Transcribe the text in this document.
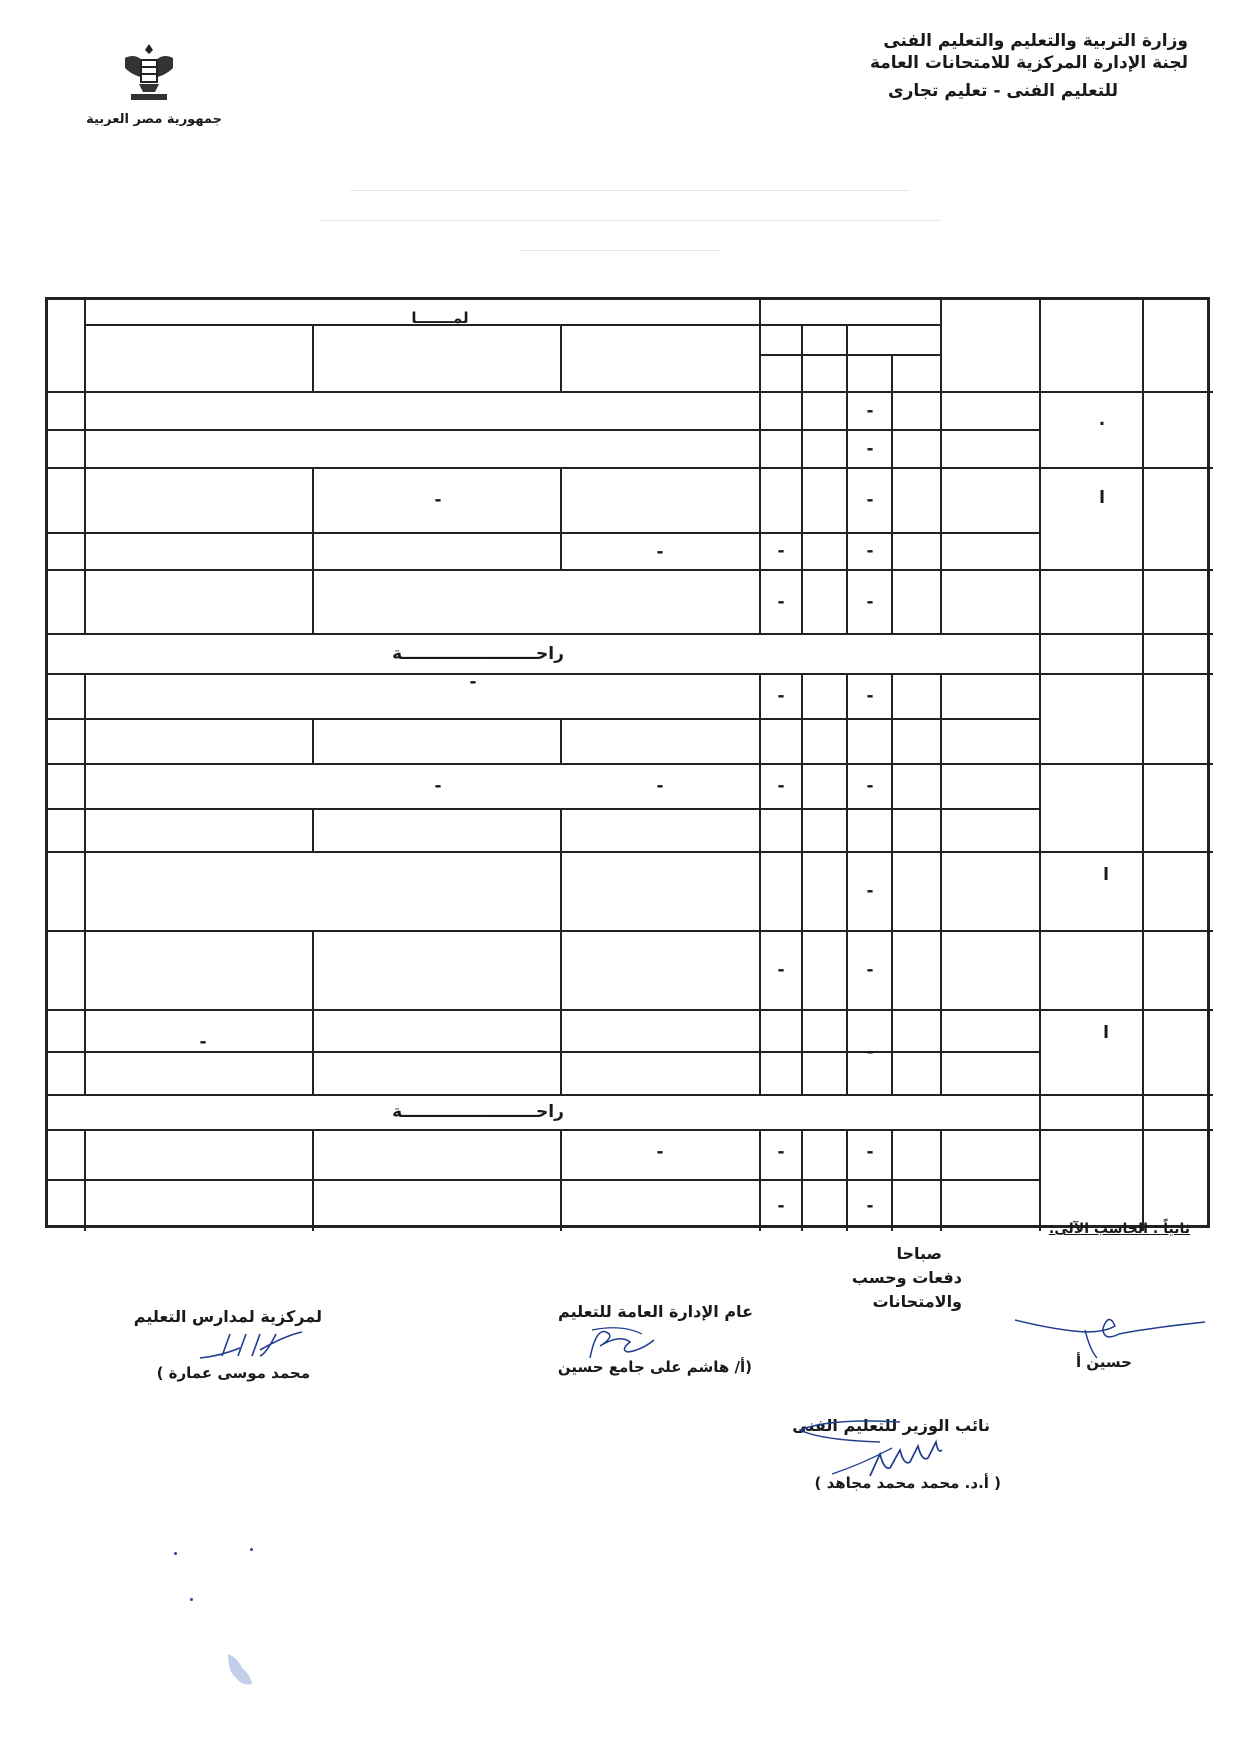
وزارة التربية والتعليم والتعليم الفنى
لجنة الإدارة المركزية للامتحانات العامة
للتعليم الفنى - تعليم تجارى
جمهورية مصر العربية
لمـــــــا
.
ا
ا
ا
-
-
-
-
-
-
-
-
-
-
-
-
-
-
-
-
-
-
-
-
-
-
-	-
-
-
راحـــــــــــــــــــــــة
راحـــــــــــــــــــــــة
ثانياً : الحاسب الآلى:
صباحا
دفعات وحسب
والامتحانات
حسين أ
عام الإدارة العامة للتعليم
(أ/ هاشم على جامع حسين
لمركزية لمدارس التعليم
محمد موسى عمارة )
نائب الوزير للتعليم الفنى
( أ.د. محمد محمد مجاهد )
